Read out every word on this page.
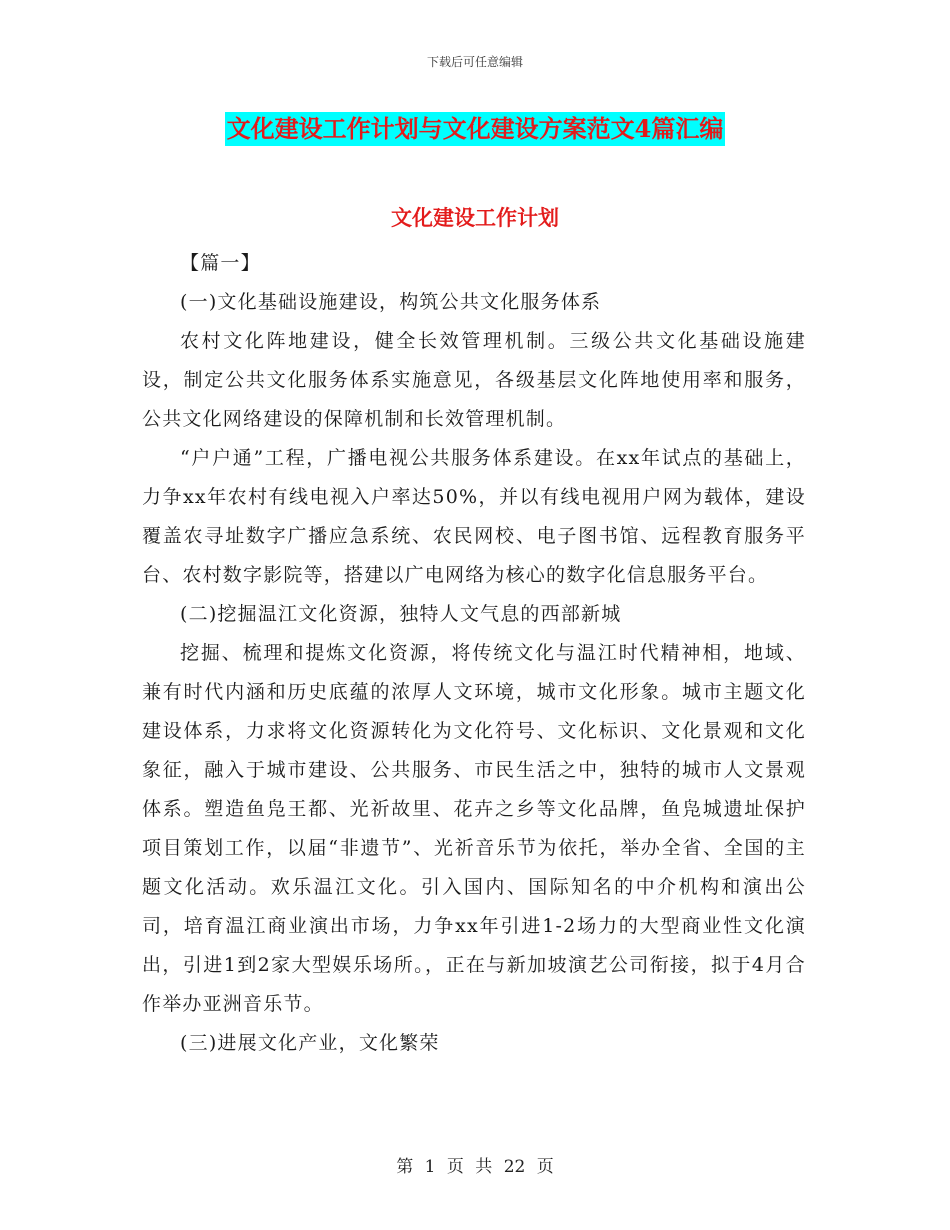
下载后可任意编辑
文化建设工作计划与文化建设方案范文4篇汇编
文化建设工作计划

【篇一】

(一)文化基础设施建设，构筑公共文化服务体系

农村文化阵地建设，健全长效管理机制。三级公共文化基础设施建设，制定公共文化服务体系实施意见，各级基层文化阵地使用率和服务，公共文化网络建设的保障机制和长效管理机制。

“户户通”工程，广播电视公共服务体系建设。在xx年试点的基础上，力争xx年农村有线电视入户率达50%，并以有线电视用户网为载体，建设覆盖农寻址数字广播应急系统、农民网校、电子图书馆、远程教育服务平台、农村数字影院等，搭建以广电网络为核心的数字化信息服务平台。

(二)挖掘温江文化资源，独特人文气息的西部新城

挖掘、梳理和提炼文化资源，将传统文化与温江时代精神相，地域、兼有时代内涵和历史底蕴的浓厚人文环境，城市文化形象。城市主题文化建设体系，力求将文化资源转化为文化符号、文化标识、文化景观和文化象征，融入于城市建设、公共服务、市民生活之中，独特的城市人文景观体系。塑造鱼凫王都、光祈故里、花卉之乡等文化品牌，鱼凫城遗址保护项目策划工作，以届“非遗节”、光祈音乐节为依托，举办全省、全国的主题文化活动。欢乐温江文化。引入国内、国际知名的中介机构和演出公司，培育温江商业演出市场，力争xx年引进1-2场力的大型商业性文化演出，引进1到2家大型娱乐场所。，正在与新加坡演艺公司衔接，拟于4月合作举办亚洲音乐节。

(三)进展文化产业，文化繁荣

第 1 页 共 22 页
